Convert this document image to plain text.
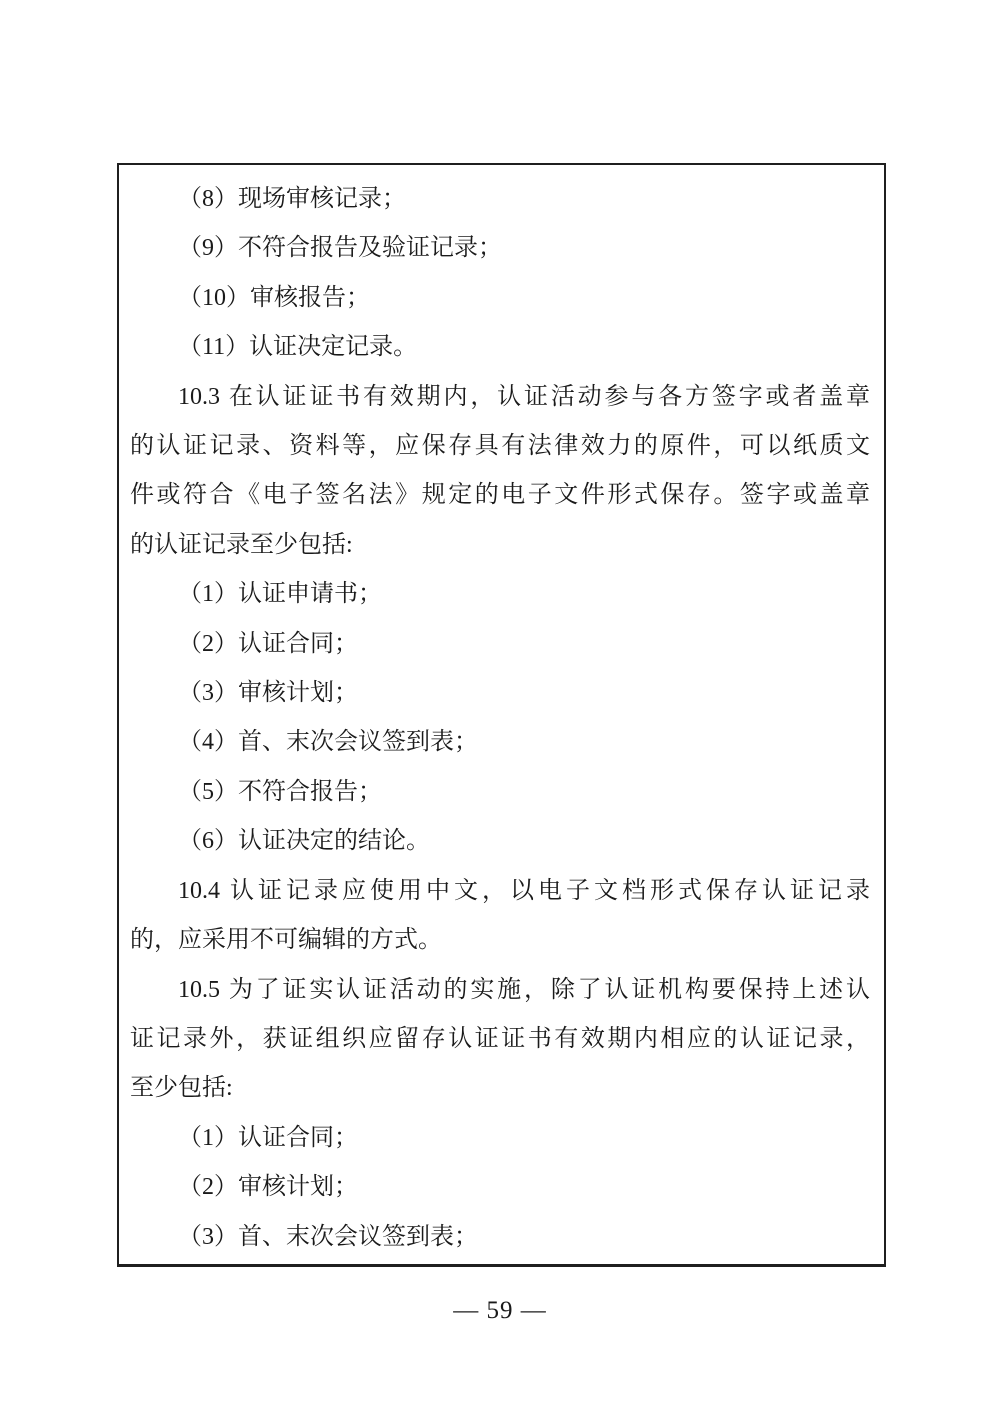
（8）现场审核记录；
（9）不符合报告及验证记录；
（10）审核报告；
（11）认证决定记录。
10.3 在认证证书有效期内，认证活动参与各方签字或者盖章
的认证记录、资料等，应保存具有法律效力的原件，可以纸质文
件或符合《电子签名法》规定的电子文件形式保存。签字或盖章
的认证记录至少包括:
（1）认证申请书；
（2）认证合同；
（3）审核计划；
（4）首、末次会议签到表；
（5）不符合报告；
（6）认证决定的结论。
10.4 认证记录应使用中文，以电子文档形式保存认证记录
的，应采用不可编辑的方式。
10.5 为了证实认证活动的实施，除了认证机构要保持上述认
证记录外，获证组织应留存认证证书有效期内相应的认证记录，
至少包括:
（1）认证合同；
（2）审核计划；
（3）首、末次会议签到表；
— 59 —
